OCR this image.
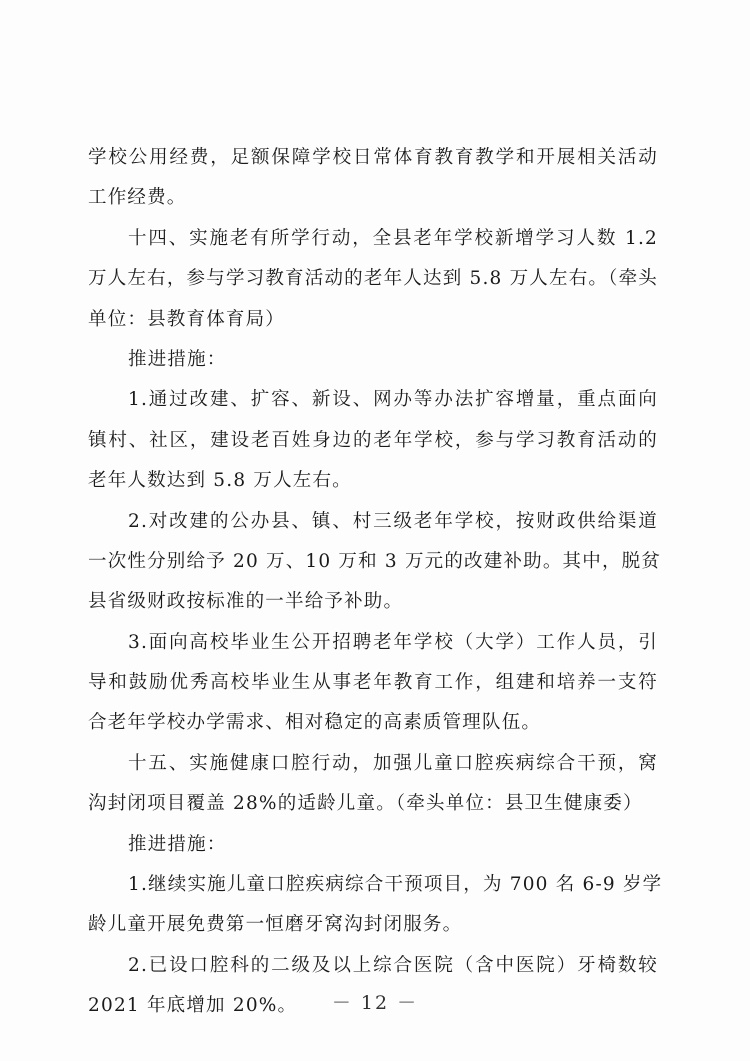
学校公用经费，足额保障学校日常体育教育教学和开展相关活动
工作经费。
十四、实施老有所学行动，全县老年学校新增学习人数 1.2
万人左右，参与学习教育活动的老年人达到 5.8 万人左右。（牵头
单位：县教育体育局）
推进措施：
1.通过改建、扩容、新设、网办等办法扩容增量，重点面向
镇村、社区，建设老百姓身边的老年学校，参与学习教育活动的
老年人数达到 5.8 万人左右。
2.对改建的公办县、镇、村三级老年学校，按财政供给渠道
一次性分别给予 20 万、10 万和 3 万元的改建补助。其中，脱贫
县省级财政按标准的一半给予补助。
3.面向高校毕业生公开招聘老年学校（大学）工作人员，引
导和鼓励优秀高校毕业生从事老年教育工作，组建和培养一支符
合老年学校办学需求、相对稳定的高素质管理队伍。
十五、实施健康口腔行动，加强儿童口腔疾病综合干预，窝
沟封闭项目覆盖 28%的适龄儿童。（牵头单位：县卫生健康委）
推进措施：
1.继续实施儿童口腔疾病综合干预项目，为 700 名 6-9 岁学
龄儿童开展免费第一恒磨牙窝沟封闭服务。
2.已设口腔科的二级及以上综合医院（含中医院）牙椅数较
2021 年底增加 20%。	－ 12 －
